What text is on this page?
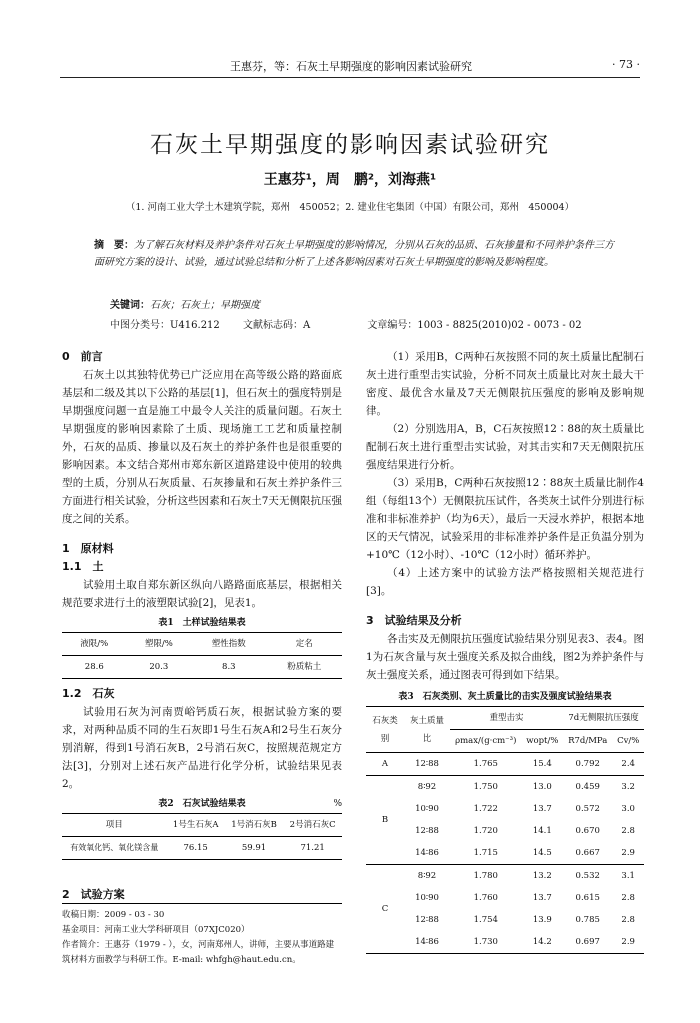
王惠芬，等：石灰土早期强度的影响因素试验研究	· 73 ·
石灰土早期强度的影响因素试验研究
王惠芬¹，周　鹏²，刘海燕¹
（1. 河南工业大学土木建筑学院，郑州　450052；2. 建业住宅集团（中国）有限公司，郑州　450004）
摘　要：为了解石灰材料及养护条件对石灰土早期强度的影响情况，分别从石灰的品质、石灰掺量和不同养护条件三方面研究方案的设计、试验，通过试验总结和分析了上述各影响因素对石灰土早期强度的影响及影响程度。
关键词：石灰；石灰土；早期强度
中图分类号：U416.212 文献标志码：A	文章编号：1003 - 8825(2010)02 - 0073 - 02
0　前言
石灰土以其独特优势已广泛应用在高等级公路的路面底基层和二级及其以下公路的基层[1]，但石灰土的强度特别是早期强度问题一直是施工中最令人关注的质量问题。石灰土早期强度的影响因素除了土质、现场施工工艺和质量控制外，石灰的品质、掺量以及石灰土的养护条件也是很重要的影响因素。本文结合郑州市郑东新区道路建设中使用的较典型的土质，分别从石灰质量、石灰掺量和石灰土养护条件三方面进行相关试验，分析这些因素和石灰土7天无侧限抗压强度之间的关系。
1　原材料
1.1　土
试验用土取自郑东新区纵向八路路面底基层，根据相关规范要求进行土的液塑限试验[2]，见表1。
表1　土样试验结果表
液限/%	塑限/%	塑性指数	定名
28.6	20.3	8.3	粉质粘土
1.2　石灰
试验用石灰为河南贾峪钙质石灰，根据试验方案的要求，对两种品质不同的生石灰即1号生石灰A和2号生石灰分别消解，得到1号消石灰B，2号消石灰C，按照规范规定方法[3]，分别对上述石灰产品进行化学分析，试验结果见表2。
表2　石灰试验结果表	%
项目	1号生石灰A	1号消石灰B	2号消石灰C
有效氧化钙、氧化镁含量	76.15	59.91	71.21
2　试验方案
收稿日期：2009 - 03 - 30
基金项目：河南工业大学科研项目（07XJC020）
作者简介：王惠芬（1979 - ），女，河南郑州人，讲师，主要从事道路建筑材料方面教学与科研工作。E-mail: whfgh@haut.edu.cn。
（1）采用B，C两种石灰按照不同的灰土质量比配制石灰土进行重型击实试验，分析不同灰土质量比对灰土最大干密度、最优含水量及7天无侧限抗压强度的影响及影响规律。
（2）分别选用A，B，C石灰按照12∶88的灰土质量比配制石灰土进行重型击实试验，对其击实和7天无侧限抗压强度结果进行分析。
（3）采用B，C两种石灰按照12∶88灰土质量比制作4组（每组13个）无侧限抗压试件，各类灰土试件分别进行标准和非标准养护（均为6天），最后一天浸水养护，根据本地区的天气情况，试验采用的非标准养护条件是正负温分别为+10℃（12小时）、-10℃（12小时）循环养护。
（4）上述方案中的试验方法严格按照相关规范进行[3]。
3　试验结果及分析
各击实及无侧限抗压强度试验结果分别见表3、表4。图1为石灰含量与灰土强度关系及拟合曲线，图2为养护条件与灰土强度关系，通过图表可得到如下结果。
表3　石灰类别、灰土质量比的击实及强度试验结果表
石灰类别	灰土质量比	重型击实		7d无侧限抗压强度	
		ρmax/(g·cm⁻³)	wopt/%	R7d/MPa	Cv/%
A	12∶88	1.765	15.4	0.792	2.4
B	8∶92	1.750	13.0	0.459	3.2
	10∶90	1.722	13.7	0.572	3.0
	12∶88	1.720	14.1	0.670	2.8
	14∶86	1.715	14.5	0.667	2.9
C	8∶92	1.780	13.2	0.532	3.1
	10∶90	1.760	13.7	0.615	2.8
	12∶88	1.754	13.9	0.785	2.8
	14∶86	1.730	14.2	0.697	2.9
